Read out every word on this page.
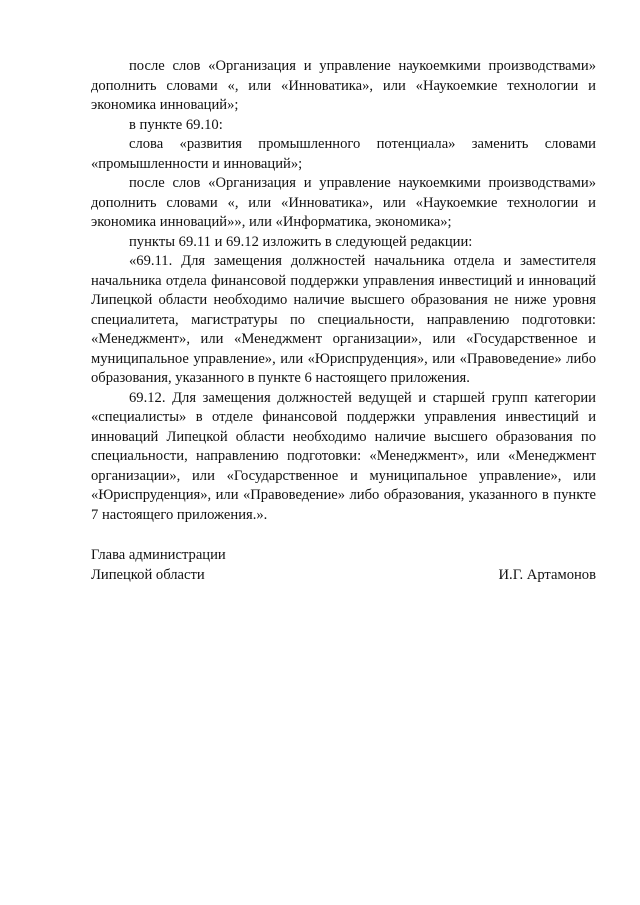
после слов «Организация и управление наукоемкими производствами» дополнить словами «, или «Инноватика», или «Наукоемкие технологии и экономика инноваций»;

в пункте 69.10:

слова «развития промышленного потенциала» заменить словами «промышленности и инноваций»;

после слов «Организация и управление наукоемкими производствами» дополнить словами «, или «Инноватика», или «Наукоемкие технологии и экономика инноваций»», или «Информатика, экономика»;

пункты 69.11 и 69.12 изложить в следующей редакции:

«69.11. Для замещения должностей начальника отдела и заместителя начальника отдела финансовой поддержки управления инвестиций и инноваций Липецкой области необходимо наличие высшего образования не ниже уровня специалитета, магистратуры по специальности, направлению подготовки: «Менеджмент», или «Менеджмент организации», или «Государственное и муниципальное управление», или «Юриспруденция», или «Правоведение» либо образования, указанного в пункте 6 настоящего приложения.

69.12. Для замещения должностей ведущей и старшей групп категории «специалисты» в отделе финансовой поддержки управления инвестиций и инноваций Липецкой области необходимо наличие высшего образования по специальности, направлению подготовки: «Менеджмент», или «Менеджмент организации», или «Государственное и муниципальное управление», или «Юриспруденция», или «Правоведение» либо образования, указанного в пункте 7 настоящего приложения.».

Глава администрации
Липецкой области	И.Г. Артамонов
